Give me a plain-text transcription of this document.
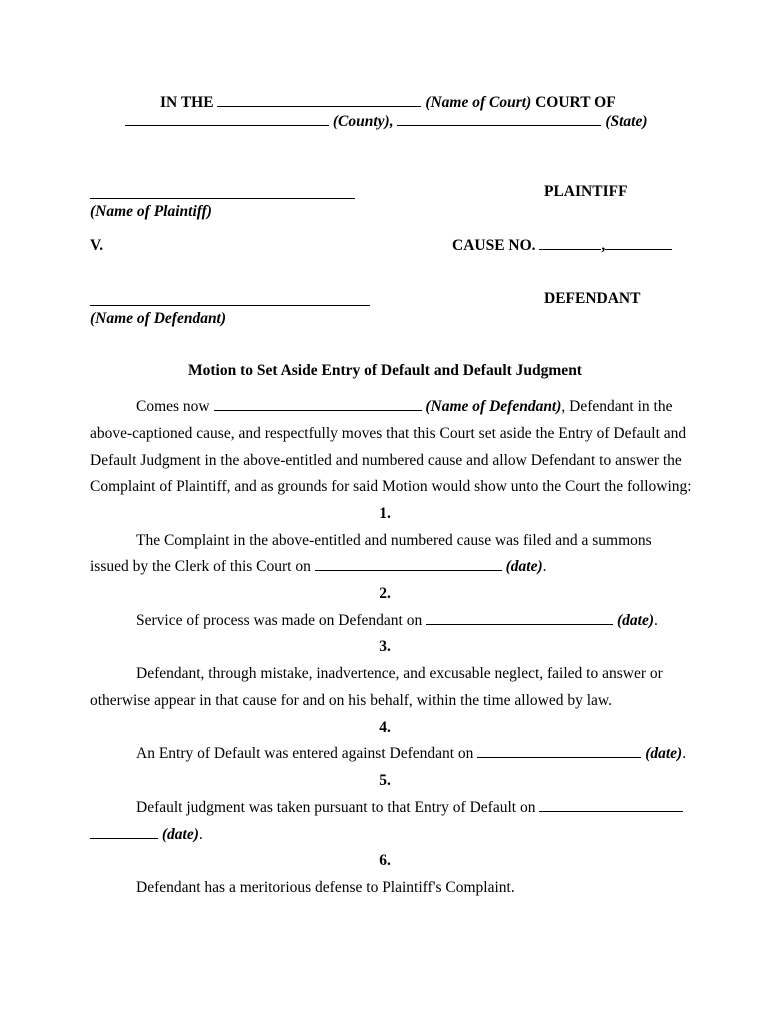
IN THE	(Name of Court) COURT OF
(County),	(State)
(Name of Plaintiff)
PLAINTIFF
V.	CAUSE NO.	,
(Name of Defendant)
DEFENDANT
Motion to Set Aside Entry of Default and Default Judgment
Comes now	(Name of Defendant), Defendant in the
above-captioned cause, and respectfully moves that this Court set aside the Entry of Default and
Default Judgment in the above-entitled and numbered cause and allow Defendant to answer the
Complaint of Plaintiff, and as grounds for said Motion would show unto the Court the following:
1.
The Complaint in the above-entitled and numbered cause was filed and a summons
issued by the Clerk of this Court on	(date).
2.
Service of process was made on Defendant on	(date).
3.
Defendant, through mistake, inadvertence, and excusable neglect, failed to answer or
otherwise appear in that cause for and on his behalf, within the time allowed by law.
4.
An Entry of Default was entered against Defendant on	(date).
5.
Default judgment was taken pursuant to that Entry of Default on
(date).
6.
Defendant has a meritorious defense to Plaintiff's Complaint.
